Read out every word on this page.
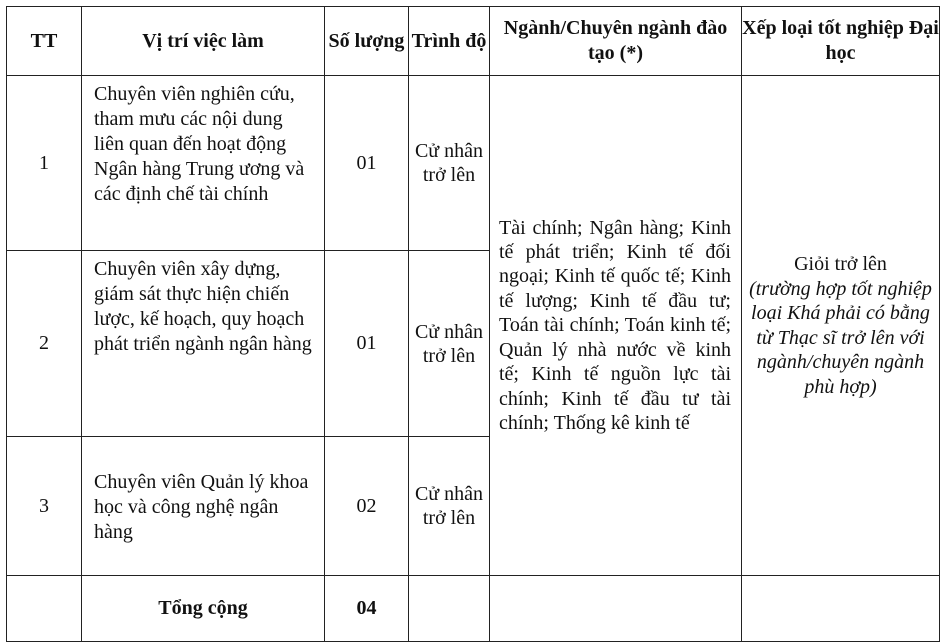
TT	Vị trí việc làm	Số lượng	Trình độ	Ngành/Chuyên ngành đào tạo (*)	Xếp loại tốt nghiệp Đại học
1	Chuyên viên nghiên cứu, tham mưu các nội dung liên quan đến hoạt động Ngân hàng Trung ương và các định chế tài chính	01	Cử nhân trở lên	Tài chính; Ngân hàng; Kinh tế phát triển; Kinh tế đối ngoại; Kinh tế quốc tế; Kinh tế lượng; Kinh tế đầu tư; Toán tài chính; Toán kinh tế; Quản lý nhà nước về kinh tế; Kinh tế nguồn lực tài chính; Kinh tế đầu tư tài chính; Thống kê kinh tế	Giỏi trở lên
(trường hợp tốt nghiệp loại Khá phải có bằng từ Thạc sĩ trở lên với ngành/chuyên ngành phù hợp)
2	Chuyên viên xây dựng, giám sát thực hiện chiến lược, kế hoạch, quy hoạch phát triển ngành ngân hàng	01	Cử nhân trở lên		
3	Chuyên viên Quản lý khoa học và công nghệ ngân hàng	02	Cử nhân trở lên		
	Tổng cộng	04			
